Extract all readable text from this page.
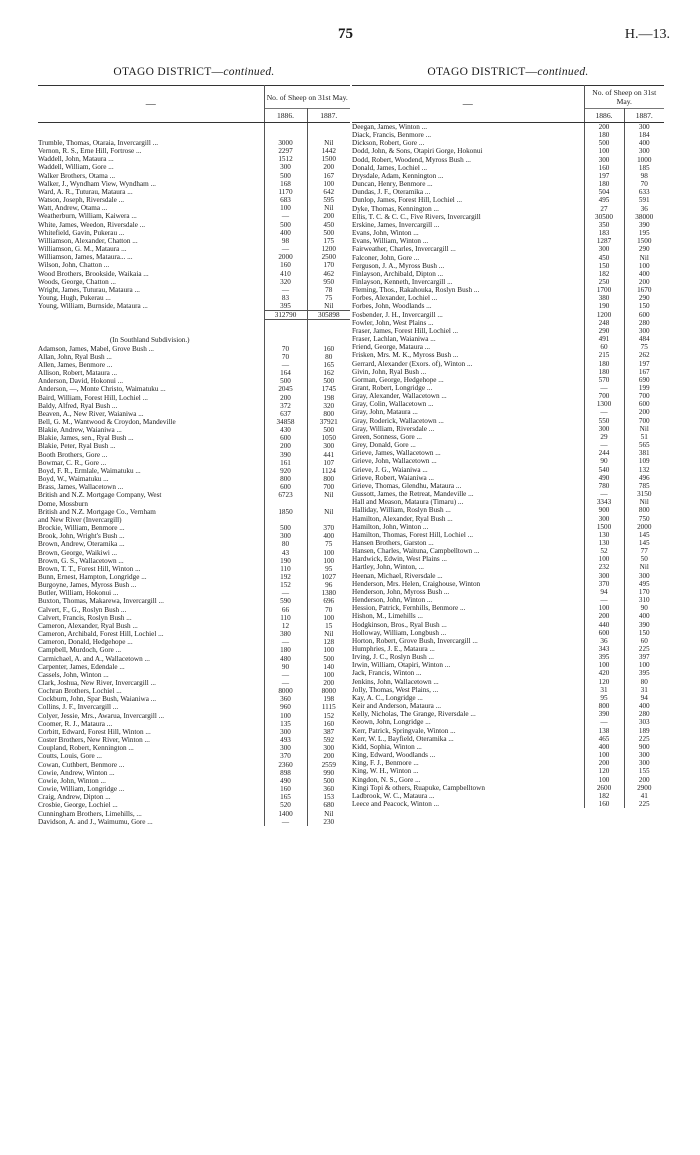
75	H.—13.
OTAGO DISTRICT—continued.
—	No. of Sheep on 31st May.	
	1886.	1887.

Trumble, Thomas, Otaraia, Invercargill ...	3000	Nil
Vernon, R. S., Erne Hill, Fortrose ...	2297	1442
Waddell, John, Mataura ...	1512	1500
Waddell, William, Gore ...	300	200
Walker Brothers, Otama ...	500	167
Walker, J., Wyndham View, Wyndham ...	168	100
Ward, A. R., Tuturau, Mataura ...	1170	642
Watson, Joseph, Riversdale ...	683	595
Watt, Andrew, Otama ...	100	Nil
Weatherburn, William, Kaiwera ...	—	200
White, James, Weedon, Riversdale ...	500	450
Whitefield, Gavin, Pukerau ...	400	500
Williamson, Alexander, Chatton ...	98	175
Williamson, G. M., Mataura ...	—	1200
Williamson, James, Mataura... ...	2000	2500
Wilson, John, Chatton ...	160	170
Wood Brothers, Brookside, Waikaia ...	410	462
Woods, George, Chatton ...	320	950
Wright, James, Tuturau, Mataura ...	—	78
Young, Hugh, Pukerau ...	83	75
Young, William, Burnside, Mataura ...	395	Nil
	312790	305898

(In Southland Subdivision.)		
Adamson, James, Mabel, Grove Bush ...	70	160
Allan, John, Ryal Bush ...	70	80
Allen, James, Benmore ...	—	165
Allison, Robert, Mataura ...	164	162
Anderson, David, Hokonui ...	500	500
Anderson, —, Monte Christo, Waimatuku ...	2045	1745
Baird, William, Forest Hill, Lochiel ...	200	198
Baldy, Alfred, Ryal Bush ...	372	320
Beaven, A., New River, Waianiwa ...	637	800
Bell, G. M., Wantwood & Croydon, Mandeville	34858	37921
Blakie, Andrew, Waianiwa ...	430	500
Blakie, James, sen., Ryal Bush ...	600	1050
Blakie, Peter, Ryal Bush ...	200	300
Booth Brothers, Gore ...	390	441
Bowmar, C. R., Gore ...	161	107
Boyd, F. R., Ermlale, Waimatuku ...	920	1124
Boyd, W., Waimatuku ...	800	800
Brass, James, Wallacetown ...	600	700
British and N.Z. Mortgage Company, West	6723	Nil
Dome, Mossburn		
British and N.Z. Mortgage Co., Vernham	1850	Nil
and New River (Invercargill)		
Brockie, William, Benmore ...	500	370
Brook, John, Wright's Bush ...	300	400
Brown, Andrew, Oteramika ...	80	75
Brown, George, Waikiwi ...	43	100
Brown, G. S., Wallacetown ...	190	100
Brown, T. T., Forest Hill, Winton ...	110	95
Bunn, Ernest, Hampton, Longridge ...	192	1027
Burgoyne, James, Myross Bush ...	152	96
Butler, William, Hokonui ...	—	1380
Buxton, Thomas, Makarewa, Invercargill ...	590	696
Calvert, F., G., Roslyn Bush ...	66	70
Calvert, Francis, Roslyn Bush ...	110	100
Cameron, Alexander, Ryal Bush ...	12	15
Cameron, Archibald, Forest Hill, Lochiel ...	380	Nil
Cameron, Donald, Hedgehope ...	—	128
Campbell, Murdoch, Gore ...	180	100
Carmichael, A. and A., Wallacetown ...	480	500
Carpenter, James, Edendale ...	90	140
Cassels, John, Winton ...	—	100
Clark, Joshua, New River, Invercargill ...	—	200
Cochran Brothers, Lochiel ...	8000	8000
Cockburn, John, Spar Bush, Waianiwa ...	360	198
Collins, J. F., Invercargill ...	960	1115
Colyer, Jessie, Mrs., Awarua, Invercargill ...	100	152
Coomer, R. J., Mataura ...	135	160
Corbitt, Edward, Forest Hill, Winton ...	300	387
Coster Brothers, New River, Winton ...	493	592
Coupland, Robert, Kennington ...	300	300
Coutts, Louis, Gore ...	370	200
Cowan, Cuthbert, Benmore ...	2360	2559
Cowie, Andrew, Winton ...	898	990
Cowie, John, Winton ...	490	500
Cowie, William, Longridge ...	160	360
Craig, Andrew, Dipton ...	165	153
Crosbie, George, Lochiel ...	520	680
Cunningham Brothers, Limehills, ...	1400	Nil
Davidson, A. and J., Waimumu, Gore ...	—	230
OTAGO DISTRICT—continued.
—	No. of Sheep on 31st May.	
	1886.	1887.
Deegan, James, Winton ...	200	300
Diack, Francis, Benmore ...	180	184
Dickson, Robert, Gore ...	500	400
Dodd, John, & Sons, Otapiri Gorge, Hokonui	100	300
Dodd, Robert, Woodend, Myross Bush ...	300	1000
Donald, James, Lochiel ...	160	185
Drysdale, Adam, Kennington ...	197	98
Duncan, Henry, Benmore ...	180	70
Dundas, J. F., Oteramika ...	504	633
Dunlop, James, Forest Hill, Lochiel ...	495	591
Dyke, Thomas, Kennington ...	27	36
Ellis, T. C. & C. C., Five Rivers, Invercargill	30500	38000
Erskine, James, Invercargill ...	350	390
Evans, John, Winton ...	183	195
Evans, William, Winton ...	1287	1500
Fairweather, Charles, Invercargill ...	300	290
Falconer, John, Gore ...	450	Nil
Ferguson, J. A., Myross Bush ...	150	100
Finlayson, Archibald, Dipton ...	182	400
Finlayson, Kenneth, Invercargill ...	250	200
Fleming, Thos., Rakahouka, Roslyn Bush ...	1700	1670
Forbes, Alexander, Lochiel ...	380	290
Forbes, John, Woodlands ...	190	150
Fosbender, J. H., Invercargill ...	1200	600
Fowler, John, West Plains ...	248	280
Fraser, James, Forest Hill, Lochiel ...	290	300
Fraser, Lachlan, Waianiwa ...	491	484
Friend, George, Mataura ...	60	75
Frisken, Mrs. M. K., Myross Bush ...	215	262
Gerrard, Alexander (Exors. of), Winton ...	180	197
Givin, John, Ryal Bush ...	180	167
Gorman, George, Hedgehope ...	570	690
Grant, Robert, Longridge ...	—	199
Gray, Alexander, Wallacetown ...	700	700
Gray, Colin, Wallacetown ...	1300	600
Gray, John, Mataura ...	—	200
Gray, Roderick, Wallacetown ...	550	700
Gray, William, Riversdale ...	300	Nil
Green, Sonness, Gore ...	29	51
Grey, Donald, Gore ...	—	565
Grieve, James, Wallacetown ...	244	381
Grieve, John, Wallacetown ...	90	109
Grieve, J. G., Waianiwa ...	540	132
Grieve, Robert, Waianiwa ...	490	496
Grieve, Thomas, Glendhu, Mataura ...	780	785
Gussott, James, the Retreat, Mandeville ...	—	3150
Hall and Meason, Mataura (Timaru) ...	3343	Nil
Halliday, William, Roslyn Bush ...	900	800
Hamilton, Alexander, Ryal Bush ...	300	750
Hamilton, John, Winton ...	1500	2000
Hamilton, Thomas, Forest Hill, Lochiel ...	130	145
Hansen Brothers, Garston ...	130	145
Hansen, Charles, Waituna, Campbelltown ...	52	77
Hardwick, Edwin, West Plains ...	100	50
Hartley, John, Winton, ...	232	Nil
Heenan, Michael, Riversdale ...	300	300
Henderson, Mrs. Helen, Craighouse, Winton	370	495
Henderson, John, Myross Bush ...	94	170
Henderson, John, Winton ...	—	310
Hession, Patrick, Fernhills, Benmore ...	100	90
Hishon, M., Limehills ...	200	400
Hodgkinson, Bros., Ryal Bush ...	440	390
Holloway, William, Longbush ...	600	150
Horton, Robert, Grove Bush, Invercargill ...	36	60
Humphries, J. E., Mataura ...	343	225
Irving, J. C., Roslyn Bush ...	395	397
Irwin, William, Otapiri, Winton ...	100	100
Jack, Francis, Winton ...	420	395
Jenkins, John, Wallacetown ...	120	80
Jolly, Thomas, West Plains, ...	31	31
Kay, A. C., Longridge ...	95	94
Keir and Anderson, Mataura ...	800	400
Kelly, Nicholas, The Grange, Riversdale ...	390	280
Keown, John, Longridge ...	—	303
Kerr, Patrick, Springvale, Winton ...	138	189
Kerr, W. L., Bayfield, Oteramika ...	465	225
Kidd, Sophia, Winton ...	400	900
King, Edward, Woodlands ...	100	300
King, F. J., Benmore ...	200	300
King, W. H., Winton ...	120	155
Kingdon, N. S., Gore ...	100	200
Kingi Topi & others, Ruapuke, Campbelltown	2600	2900
Ladbrook, W. C., Mataura ...	182	41
Leece and Peacock, Winton ...	160	225
